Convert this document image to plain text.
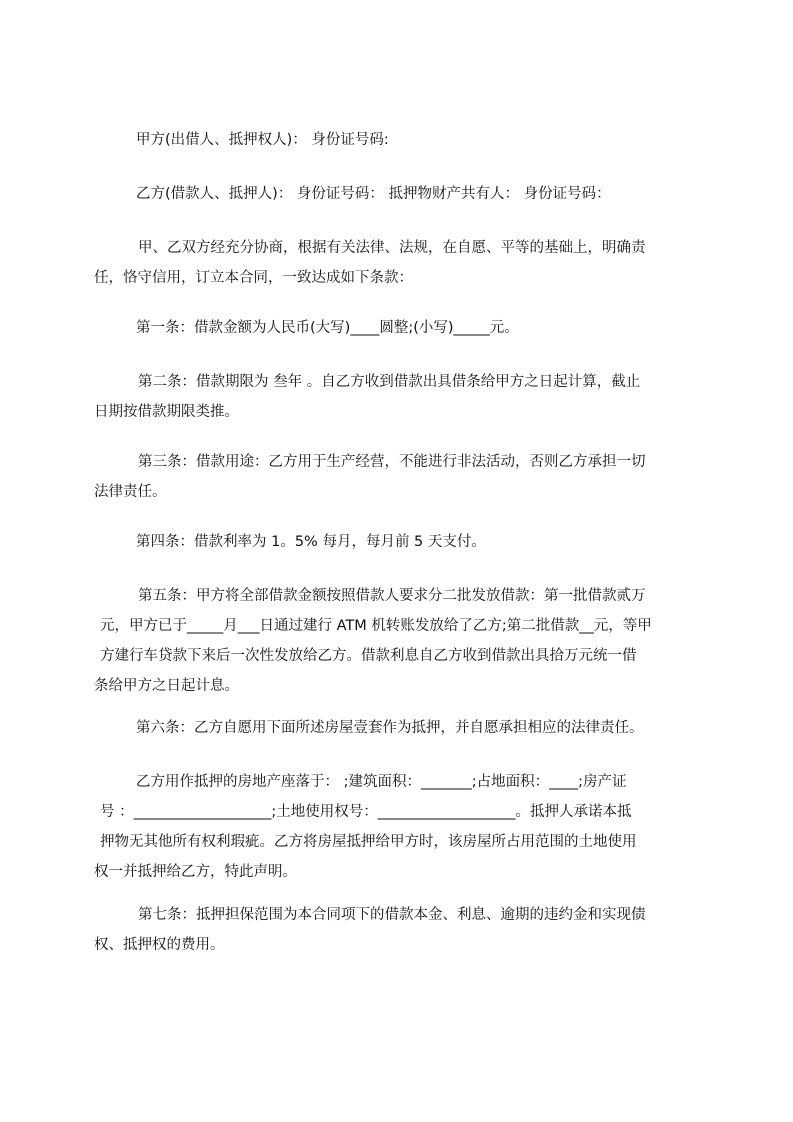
甲方(出借人、抵押权人)： 身份证号码:
乙方(借款人、抵押人)： 身份证号码： 抵押物财产共有人： 身份证号码：
甲、乙双方经充分协商，根据有关法律、法规，在自愿、平等的基础上，明确责
任，恪守信用，订立本合同，一致达成如下条款：
第一条：借款金额为人民币(大写)____圆整;(小写)_____元。
第二条：借款期限为 叁年 。自乙方收到借款出具借条给甲方之日起计算，截止
日期按借款期限类推。
第三条：借款用途：乙方用于生产经营，不能进行非法活动，否则乙方承担一切
法律责任。
第四条：借款利率为 1。5% 每月，每月前 5 天支付。
第五条：甲方将全部借款金额按照借款人要求分二批发放借款：第一批借款贰万
元，甲方已于_____月___日通过建行 ATM 机转账发放给了乙方;第二批借款__元，等甲
方建行车贷款下来后一次性发放给乙方。借款利息自乙方收到借款出具拾万元统一借
条给甲方之日起计息。
第六条：乙方自愿用下面所述房屋壹套作为抵押，并自愿承担相应的法律责任。
乙方用作抵押的房地产座落于： ;建筑面积：_______;占地面积：____;房产证
号 ：___________________;土地使用权号：___________________。抵押人承诺本抵
押物无其他所有权利瑕疵。乙方将房屋抵押给甲方时，该房屋所占用范围的土地使用
权一并抵押给乙方，特此声明。
第七条：抵押担保范围为本合同项下的借款本金、利息、逾期的违约金和实现债
权、抵押权的费用。
